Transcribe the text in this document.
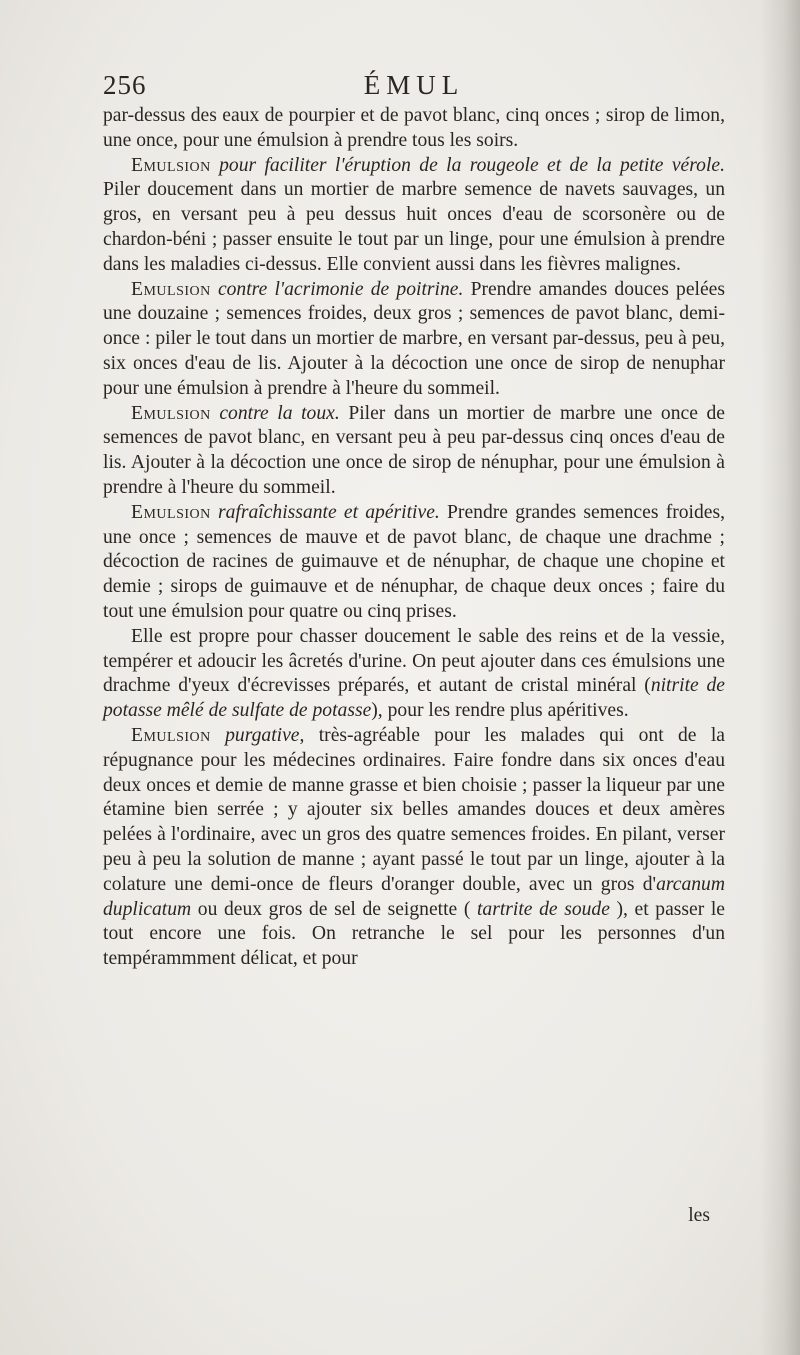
256	ÉMUL

par-dessus des eaux de pourpier et de pavot blanc, cinq onces ; sirop de limon, une once, pour une émulsion à prendre tous les soirs.

Emulsion pour faciliter l'éruption de la rougeole et de la petite vérole. Piler doucement dans un mortier de marbre semence de navets sauvages, un gros, en versant peu à peu dessus huit onces d'eau de scorsonère ou de chardon-béni ; passer ensuite le tout par un linge, pour une émulsion à prendre dans les maladies ci-dessus. Elle convient aussi dans les fièvres malignes.

Emulsion contre l'acrimonie de poitrine. Prendre amandes douces pelées une douzaine ; semences froides, deux gros ; semences de pavot blanc, demi-once : piler le tout dans un mortier de marbre, en versant par-dessus, peu à peu, six onces d'eau de lis. Ajouter à la décoction une once de sirop de nenuphar pour une émulsion à prendre à l'heure du sommeil.

Emulsion contre la toux. Piler dans un mortier de marbre une once de semences de pavot blanc, en versant peu à peu par-dessus cinq onces d'eau de lis. Ajouter à la décoction une once de sirop de nénuphar, pour une émulsion à prendre à l'heure du sommeil.

Emulsion rafraîchissante et apéritive. Prendre grandes semences froides, une once ; semences de mauve et de pavot blanc, de chaque une drachme ; décoction de racines de guimauve et de nénuphar, de chaque une chopine et demie ; sirops de guimauve et de nénuphar, de chaque deux onces ; faire du tout une émulsion pour quatre ou cinq prises.

Elle est propre pour chasser doucement le sable des reins et de la vessie, tempérer et adoucir les âcretés d'urine. On peut ajouter dans ces émulsions une drachme d'yeux d'écrevisses préparés, et autant de cristal minéral (nitrite de potasse mêlé de sulfate de potasse), pour les rendre plus apéritives.

Emulsion purgative, très-agréable pour les malades qui ont de la répugnance pour les médecines ordinaires. Faire fondre dans six onces d'eau deux onces et demie de manne grasse et bien choisie ; passer la liqueur par une étamine bien serrée ; y ajouter six belles amandes douces et deux amères pelées à l'ordinaire, avec un gros des quatre semences froides. En pilant, verser peu à peu la solution de manne ; ayant passé le tout par un linge, ajouter à la colature une demi-once de fleurs d'oranger double, avec un gros d'arcanum duplicatum ou deux gros de sel de seignette ( tartrite de soude ), et passer le tout encore une fois. On retranche le sel pour les personnes d'un tempérammment délicat, et pour

les
